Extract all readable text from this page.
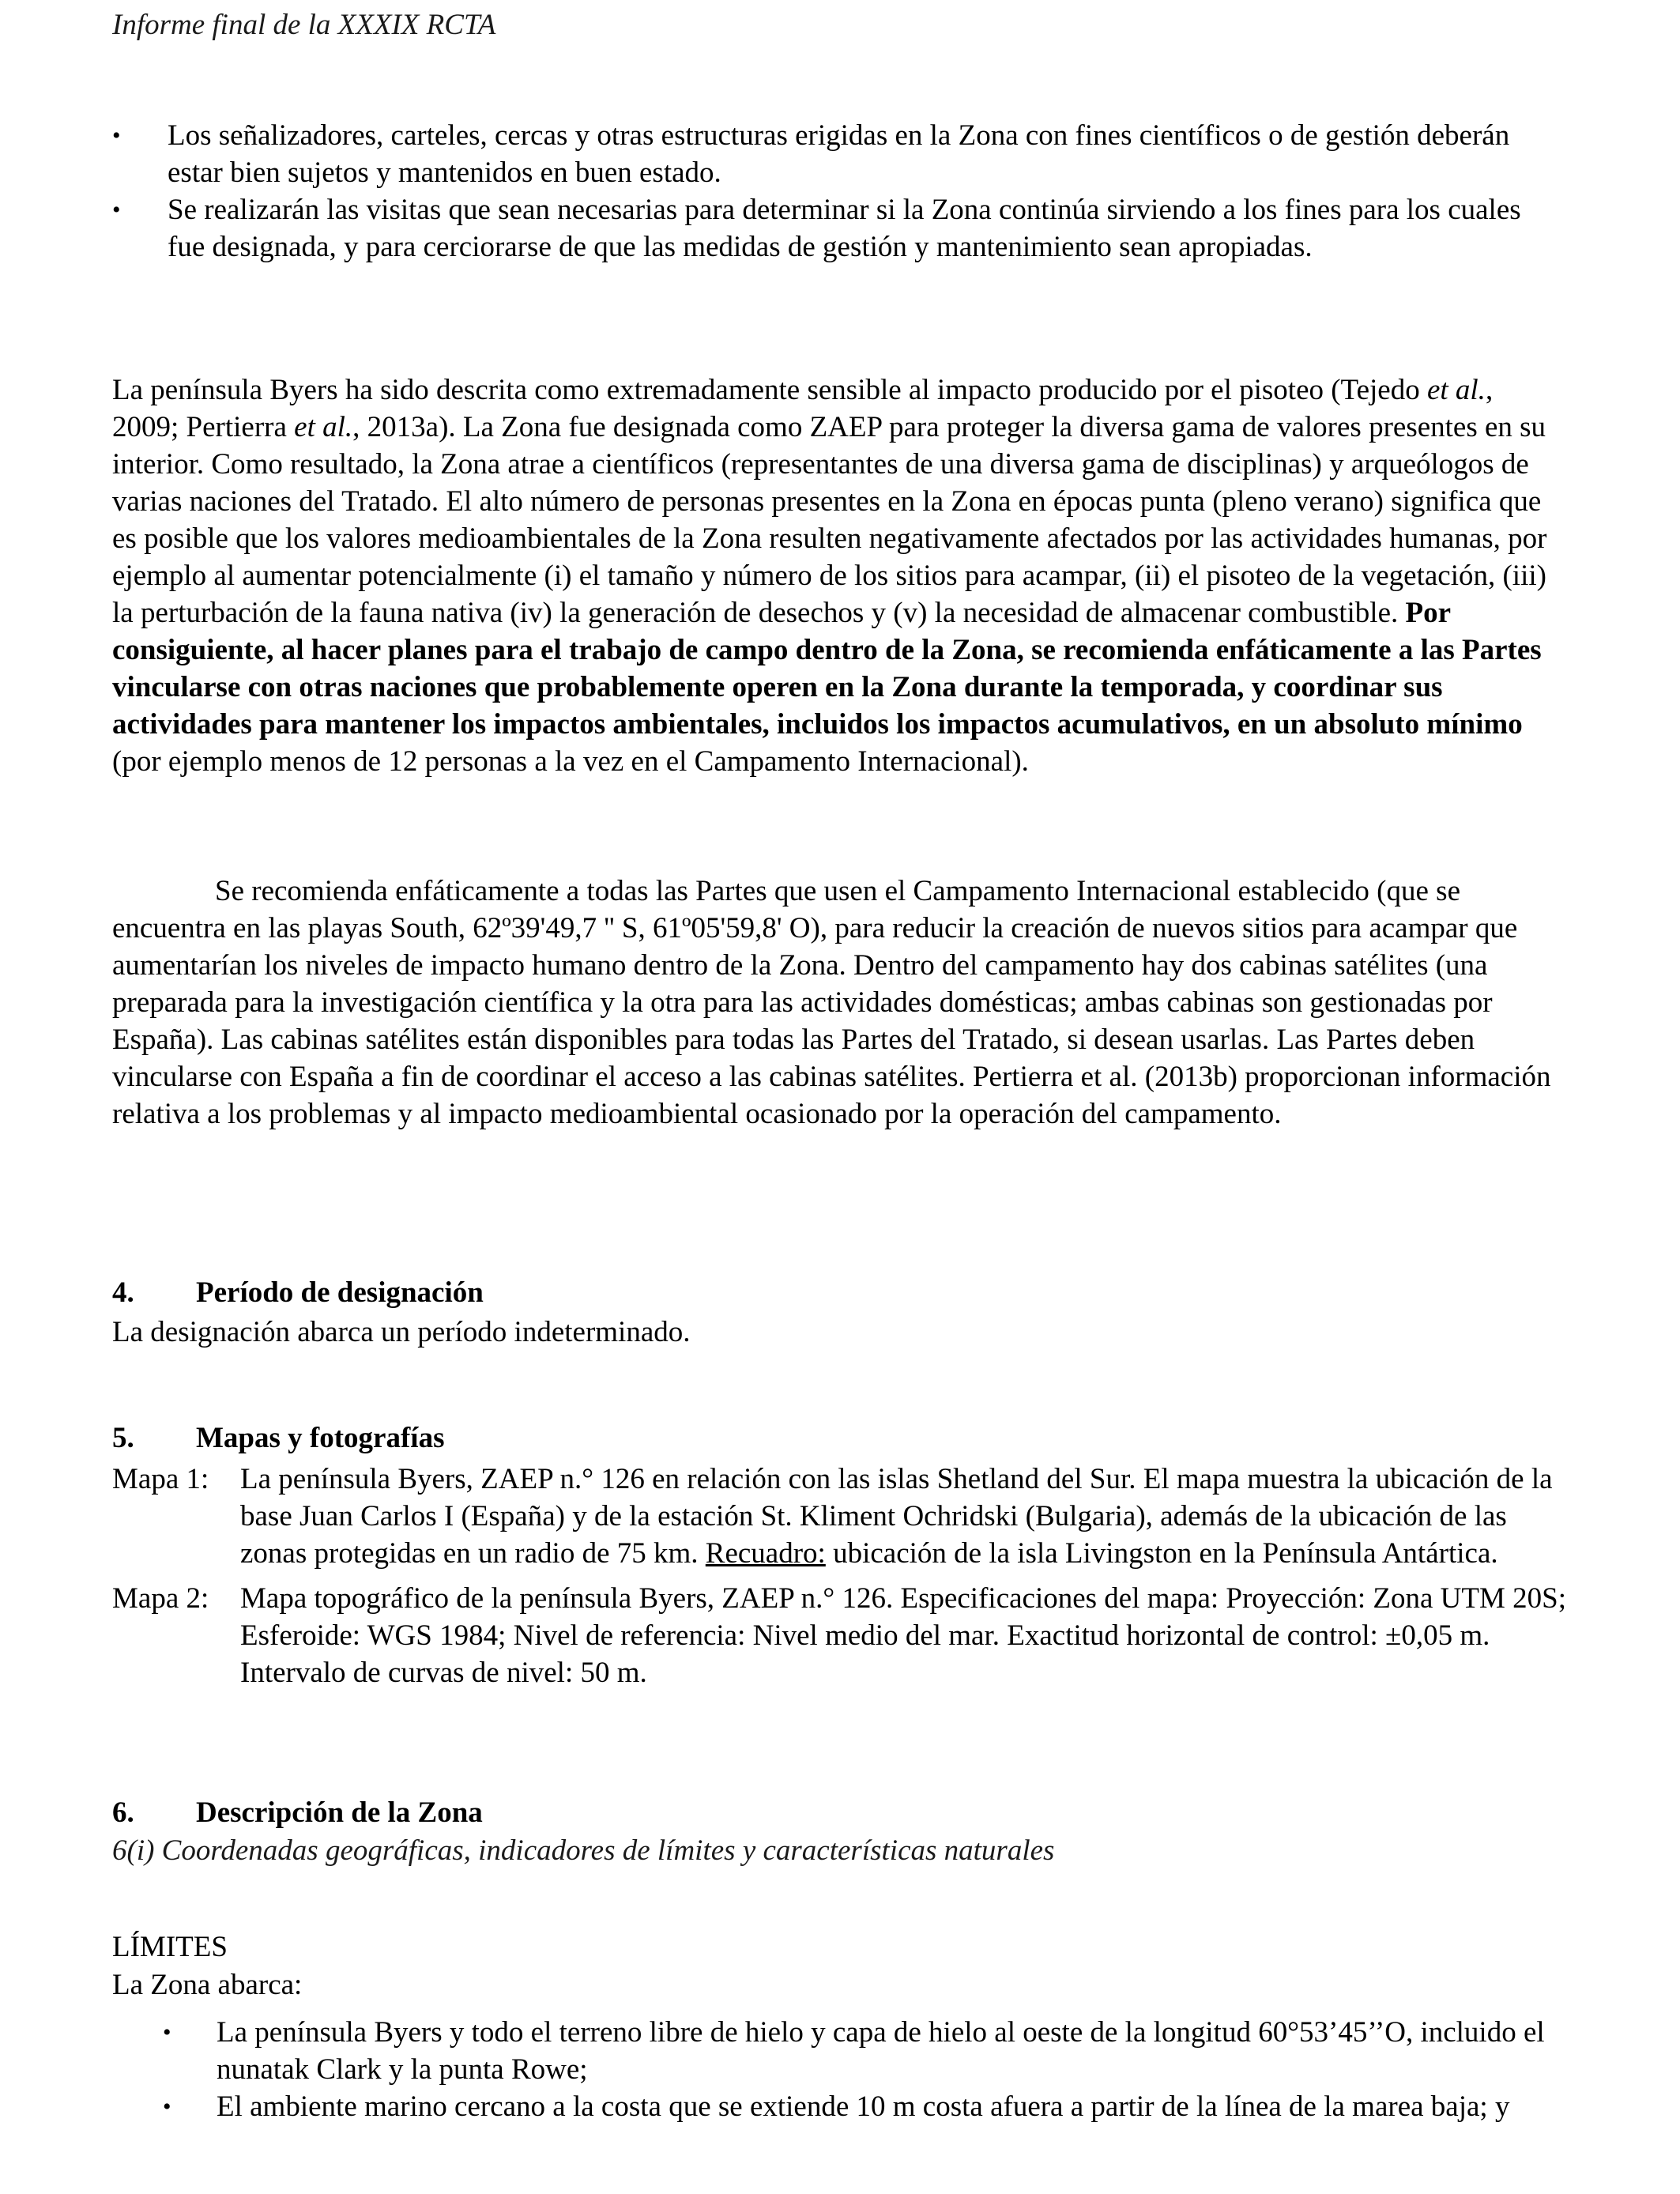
Informe final de la XXXIX RCTA
• Los señalizadores, carteles, cercas y otras estructuras erigidas en la Zona con fines científicos o de gestión deberán estar bien sujetos y mantenidos en buen estado.
• Se realizarán las visitas que sean necesarias para determinar si la Zona continúa sirviendo a los fines para los cuales fue designada, y para cerciorarse de que las medidas de gestión y mantenimiento sean apropiadas.

La península Byers ha sido descrita como extremadamente sensible al impacto producido por el pisoteo (Tejedo et al., 2009; Pertierra et al., 2013a). La Zona fue designada como ZAEP para proteger la diversa gama de valores presentes en su interior. Como resultado, la Zona atrae a científicos (representantes de una diversa gama de disciplinas) y arqueólogos de varias naciones del Tratado. El alto número de personas presentes en la Zona en épocas punta (pleno verano) significa que es posible que los valores medioambientales de la Zona resulten negativamente afectados por las actividades humanas, por ejemplo al aumentar potencialmente (i) el tamaño y número de los sitios para acampar, (ii) el pisoteo de la vegetación, (iii) la perturbación de la fauna nativa (iv) la generación de desechos y (v) la necesidad de almacenar combustible. Por consiguiente, al hacer planes para el trabajo de campo dentro de la Zona, se recomienda enfáticamente a las Partes vincularse con otras naciones que probablemente operen en la Zona durante la temporada, y coordinar sus actividades para mantener los impactos ambientales, incluidos los impactos acumulativos, en un absoluto mínimo (por ejemplo menos de 12 personas a la vez en el Campamento Internacional).

Se recomienda enfáticamente a todas las Partes que usen el Campamento Internacional establecido (que se encuentra en las playas South, 62º39'49,7 '' S, 61º05'59,8' O), para reducir la creación de nuevos sitios para acampar que aumentarían los niveles de impacto humano dentro de la Zona. Dentro del campamento hay dos cabinas satélites (una preparada para la investigación científica y la otra para las actividades domésticas; ambas cabinas son gestionadas por España). Las cabinas satélites están disponibles para todas las Partes del Tratado, si desean usarlas. Las Partes deben vincularse con España a fin de coordinar el acceso a las cabinas satélites. Pertierra et al. (2013b) proporcionan información relativa a los problemas y al impacto medioambiental ocasionado por la operación del campamento.

4. Período de designación
La designación abarca un período indeterminado.
5. Mapas y fotografías
Mapa 1: La península Byers, ZAEP n.° 126 en relación con las islas Shetland del Sur. El mapa muestra la ubicación de la base Juan Carlos I (España) y de la estación St. Kliment Ochridski (Bulgaria), además de la ubicación de las zonas protegidas en un radio de 75 km. Recuadro: ubicación de la isla Livingston en la Península Antártica.
Mapa 2: Mapa topográfico de la península Byers, ZAEP n.° 126. Especificaciones del mapa: Proyección: Zona UTM 20S; Esferoide: WGS 1984; Nivel de referencia: Nivel medio del mar. Exactitud horizontal de control: ±0,05 m. Intervalo de curvas de nivel: 50 m.
6. Descripción de la Zona
6(i) Coordenadas geográficas, indicadores de límites y características naturales
LÍMITES
La Zona abarca:
• La península Byers y todo el terreno libre de hielo y capa de hielo al oeste de la longitud 60°53’45’’O, incluido el nunatak Clark y la punta Rowe;
• El ambiente marino cercano a la costa que se extiende 10 m costa afuera a partir de la línea de la marea baja; y
